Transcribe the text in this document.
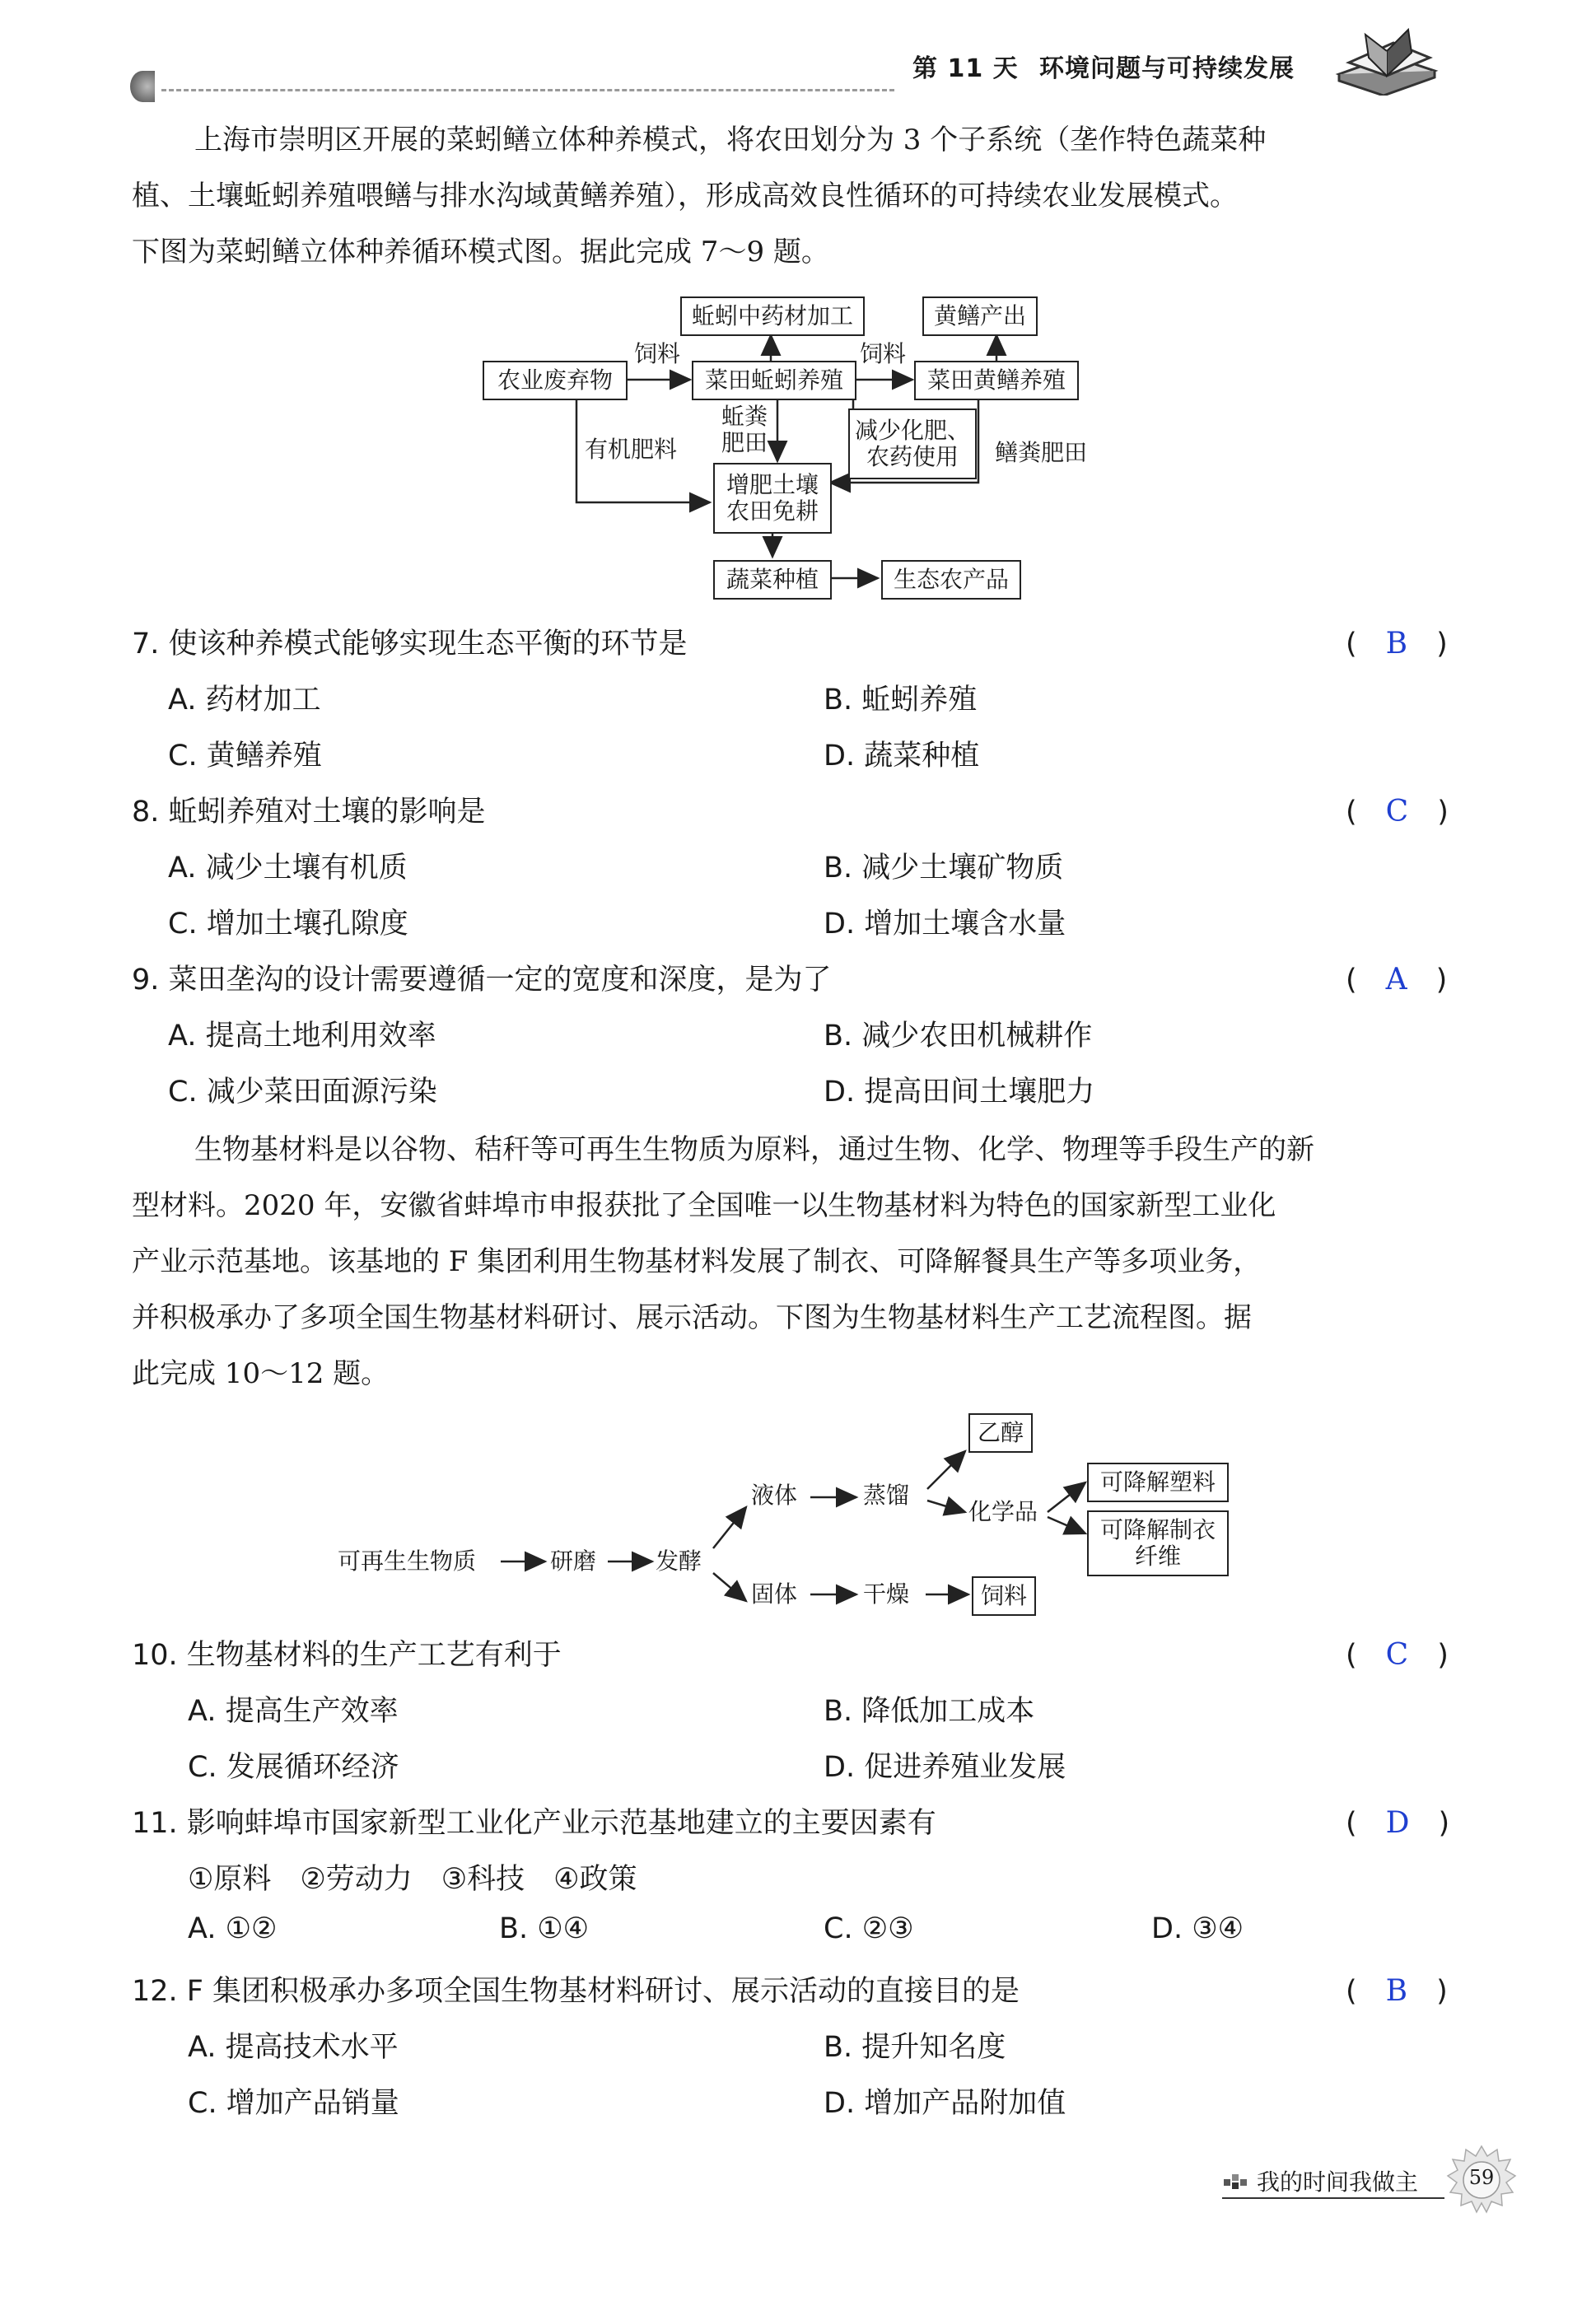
第 11 天 环境问题与可持续发展
上海市崇明区开展的菜蚓鳝立体种养模式，将农田划分为 3 个子系统（垄作特色蔬菜种
植、土壤蚯蚓养殖喂鳝与排水沟域黄鳝养殖），形成高效良性循环的可持续农业发展模式。
下图为菜蚓鳝立体种养循环模式图。据此完成 7～9 题。
蚯蚓中药材加工	黄鳝产出
农业废弃物	菜田蚯蚓养殖	菜田黄鳝养殖
减少化肥、
农药使用
增肥土壤
农田免耕
蔬菜种植	生态农产品
饲料	饲料
有机肥料
蚯粪
肥田	鳝粪肥田
7. 使该种养模式能够实现生态平衡的环节是	(　B　)
A. 药材加工	B. 蚯蚓养殖
C. 黄鳝养殖	D. 蔬菜种植
8. 蚯蚓养殖对土壤的影响是	(　C　)
A. 减少土壤有机质	B. 减少土壤矿物质
C. 增加土壤孔隙度	D. 增加土壤含水量
9. 菜田垄沟的设计需要遵循一定的宽度和深度，是为了	(　A　)
A. 提高土地利用效率	B. 减少农田机械耕作
C. 减少菜田面源污染	D. 提高田间土壤肥力
生物基材料是以谷物、秸秆等可再生生物质为原料，通过生物、化学、物理等手段生产的新
型材料。2020 年，安徽省蚌埠市申报获批了全国唯一以生物基材料为特色的国家新型工业化
产业示范基地。该基地的 F 集团利用生物基材料发展了制衣、可降解餐具生产等多项业务，
并积极承办了多项全国生物基材料研讨、展示活动。下图为生物基材料生产工艺流程图。据
此完成 10～12 题。
可再生生物质	研磨	发酵
液体	蒸馏
乙醇
化学品
可降解塑料
可降解制衣
纤维
固体	干燥	饲料
10. 生物基材料的生产工艺有利于	(　C　)
A. 提高生产效率	B. 降低加工成本
C. 发展循环经济	D. 促进养殖业发展
11. 影响蚌埠市国家新型工业化产业示范基地建立的主要因素有	(　D　)
①原料　②劳动力　③科技　④政策
A. ①②	B. ①④	C. ②③	D. ③④
12. F 集团积极承办多项全国生物基材料研讨、展示活动的直接目的是	(　B　)
A. 提高技术水平	B. 提升知名度
C. 增加产品销量	D. 增加产品附加值
我的时间我做主	59
